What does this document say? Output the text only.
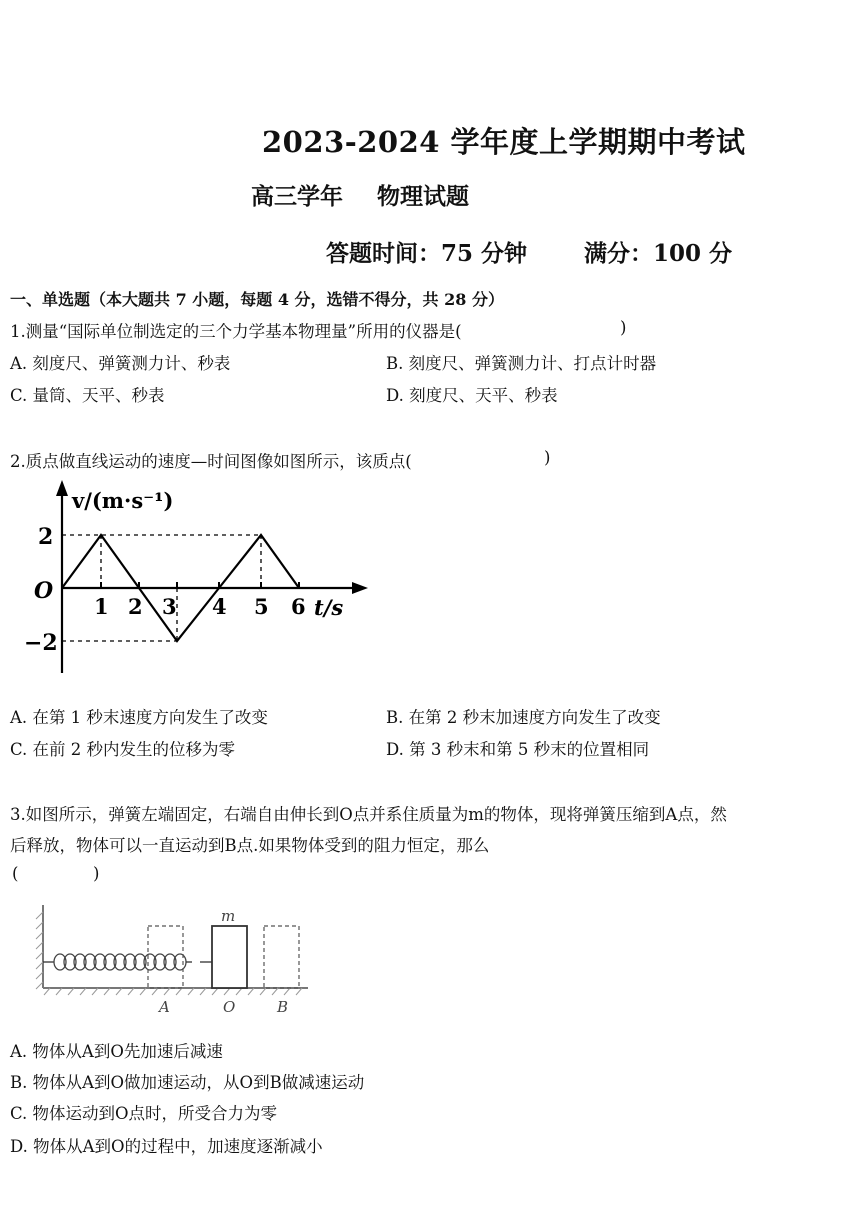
2023-2024 学年度上学期期中考试
高三学年 物理试题
答题时间：75 分钟 满分：100 分
一、单选题（本大题共 7 小题，每题 4 分，选错不得分，共 28 分）
1.测量“国际单位制选定的三个力学基本物理量”所用的仪器是(	)
A. 刻度尺、弹簧测力计、秒表	B. 刻度尺、弹簧测力计、打点计时器
C. 量筒、天平、秒表	D. 刻度尺、天平、秒表
2.质点做直线运动的速度—时间图像如图所示，该质点(	)
v/(m·s⁻¹)
t/s
O
2
−2
1 2 3 4 5 6
A. 在第 1 秒末速度方向发生了改变	B. 在第 2 秒末加速度方向发生了改变
C. 在前 2 秒内发生的位移为零	D. 第 3 秒末和第 5 秒末的位置相同
3.如图所示，弹簧左端固定，右端自由伸长到O点并系住质量为m的物体，现将弹簧压缩到A点，然
后释放，物体可以一直运动到B点.如果物体受到的阻力恒定，那么
(	)
m
A	O	B
A. 物体从A到O先加速后减速
B. 物体从A到O做加速运动，从O到B做减速运动
C. 物体运动到O点时，所受合力为零
D. 物体从A到O的过程中，加速度逐渐减小
